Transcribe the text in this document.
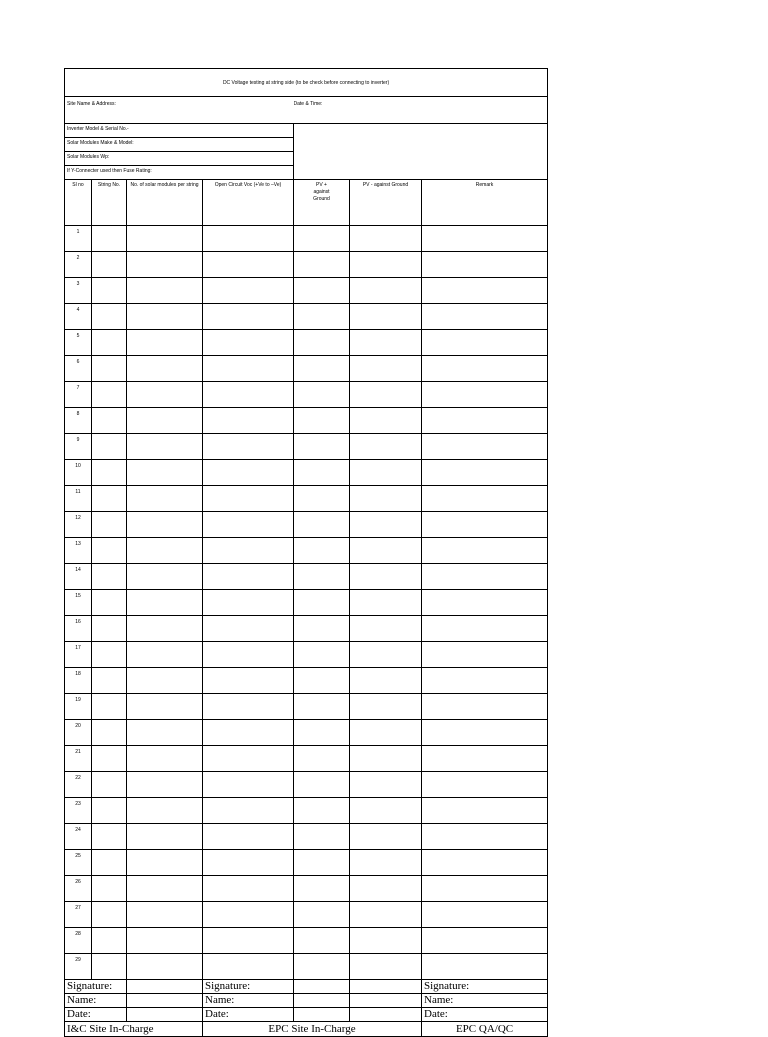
DC Voltage testing at string side (to be check before connecting to inverter)						
Site Name & Address:				Date & Time:		
Inverter Model & Serial No.-						
Solar Modules Make & Model:						
Solar Modules Wp:						
If Y-Connecter used then Fuse Rating:						
Sl no	String No.	No. of solar modules per string	Open Circuit Voc (+Ve to –Ve)	PV + against Ground	PV - against Ground	Remark
1						
2						
3						
4						
5						
6						
7						
8						
9						
10						
11						
12						
13						
14						
15						
16						
17						
18						
19						
20						
21						
22						
23						
24						
25						
26						
27						
28						
29						
Signature:			Signature:			Signature:
Name:			Name:			Name:
Date:			Date:			Date:
I&C Site In-Charge			EPC Site In-Charge			EPC QA/QC
